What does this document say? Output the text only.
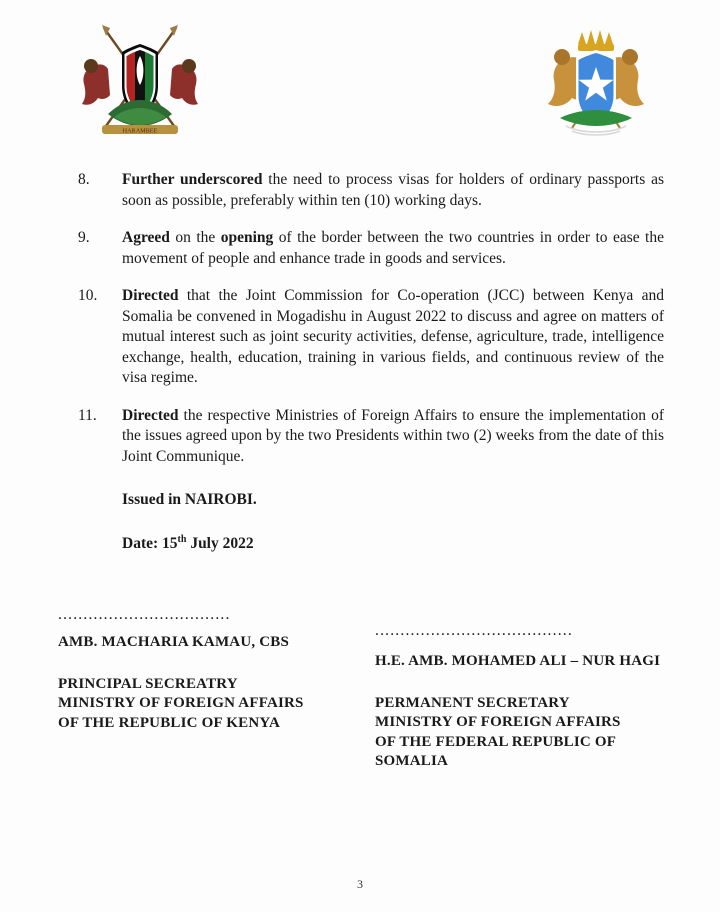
HARAMBEE
8.	Further underscored the need to process visas for holders of ordinary passports as soon as possible, preferably within ten (10) working days.
9.	Agreed on the opening of the border between the two countries in order to ease the movement of people and enhance trade in goods and services.
10.	Directed that the Joint Commission for Co-operation (JCC) between Kenya and Somalia be convened in Mogadishu in August 2022 to discuss and agree on matters of mutual interest such as joint security activities, defense, agriculture, trade, intelligence exchange, health, education, training in various fields, and continuous review of the visa regime.
11.	Directed the respective Ministries of Foreign Affairs to ensure the implementation of the issues agreed upon by the two Presidents within two (2) weeks from the date of this Joint Communique.
Issued in NAIROBI.
Date: 15th July 2022
..................................
AMB. MACHARIA KAMAU, CBS
PRINCIPAL SECREATRY
MINISTRY OF FOREIGN AFFAIRS
OF THE REPUBLIC OF KENYA
.......................................
H.E. AMB. MOHAMED ALI – NUR HAGI
PERMANENT SECRETARY
MINISTRY OF FOREIGN AFFAIRS
OF THE FEDERAL REPUBLIC OF
SOMALIA
3
